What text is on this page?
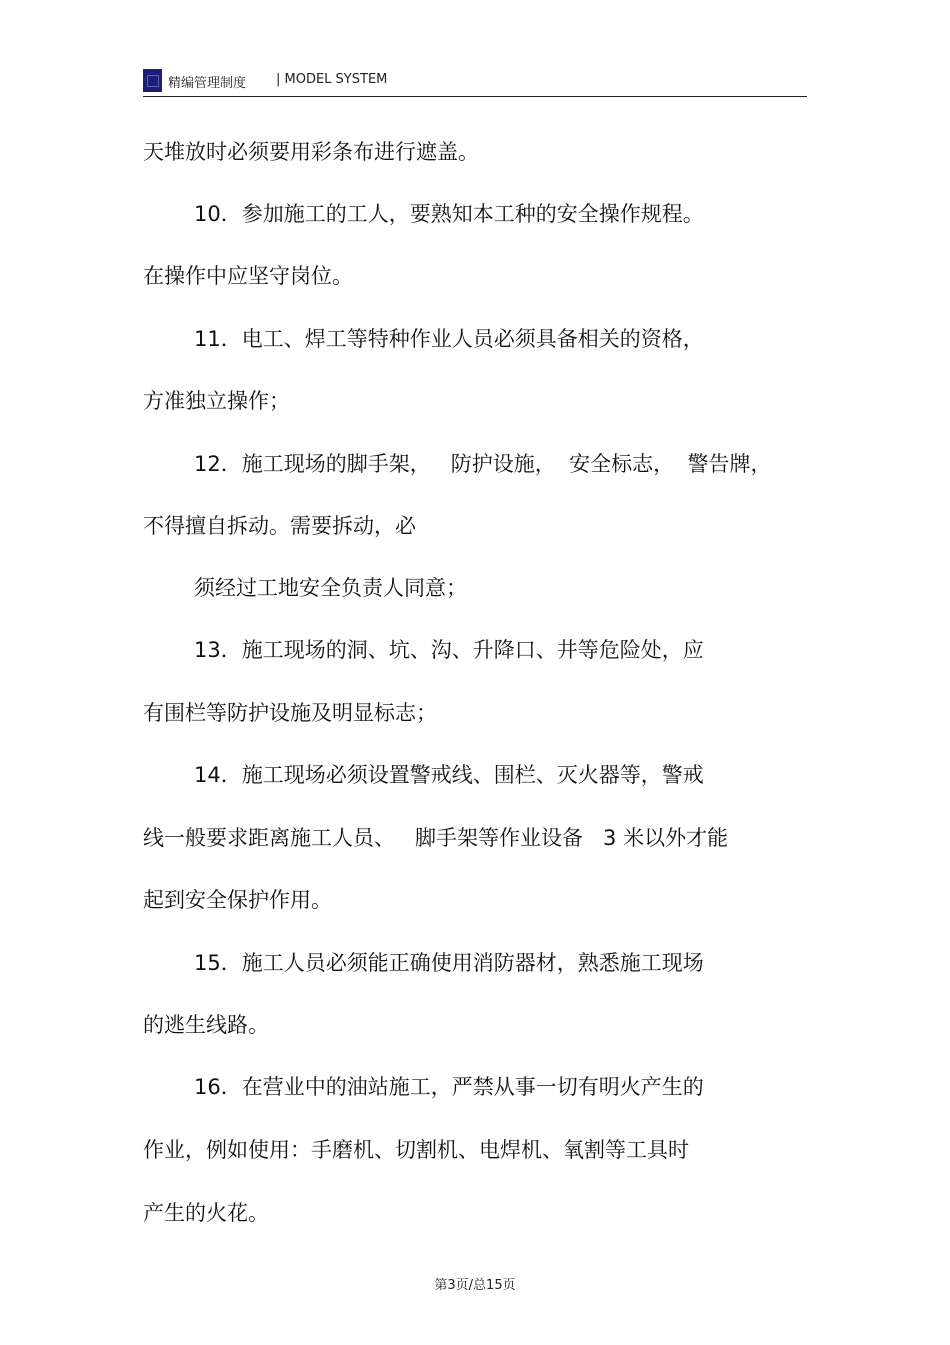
精编管理制度 | MODEL SYSTEM
天堆放时必须要用彩条布进行遮盖。
10．参加施工的工人，要熟知本工种的安全操作规程。
在操作中应坚守岗位。
11．电工、焊工等特种作业人员必须具备相关的资格，
方准独立操作；
12．施工现场的脚手架，   防护设施，  安全标志，  警告牌，
不得擅自拆动。需要拆动，必
须经过工地安全负责人同意；
13．施工现场的洞、坑、沟、升降口、井等危险处，应
有围栏等防护设施及明显标志；
14．施工现场必须设置警戒线、围栏、灭火器等，警戒
线一般要求距离施工人员、   脚手架等作业设备   3 米以外才能
起到安全保护作用。
15．施工人员必须能正确使用消防器材，熟悉施工现场
的逃生线路。
16．在营业中的油站施工，严禁从事一切有明火产生的
作业，例如使用：手磨机、切割机、电焊机、氧割等工具时
产生的火花。
第3页/总15页
